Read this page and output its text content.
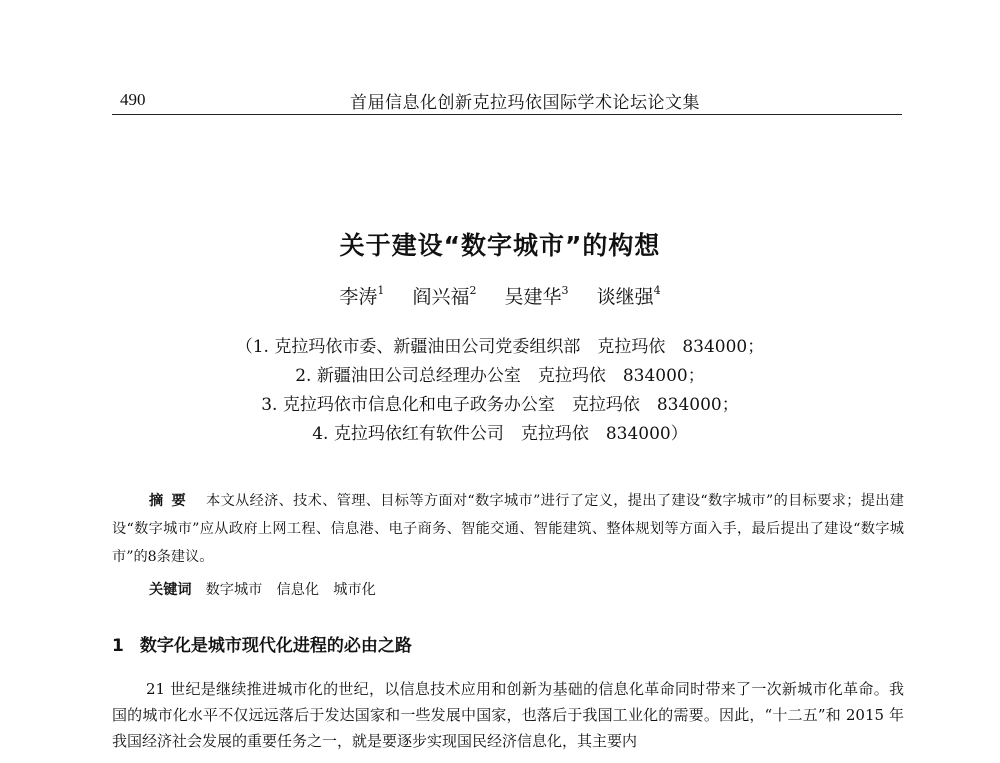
490	首届信息化创新克拉玛依国际学术论坛论文集
关于建设“数字城市”的构想
李涛$^1$ 阎兴福$^2$ 吴建华$^3$ 谈继强$^4$
（1. 克拉玛依市委、新疆油田公司党委组织部　克拉玛依　834000；
2. 新疆油田公司总经理办公室　克拉玛依　834000；
3. 克拉玛依市信息化和电子政务办公室　克拉玛依　834000；
4. 克拉玛依红有软件公司　克拉玛依　834000）
摘要 本文从经济、技术、管理、目标等方面对“数字城市”进行了定义，提出了建设“数字城市”的目标要求；提出建设“数字城市”应从政府上网工程、信息港、电子商务、智能交通、智能建筑、整体规划等方面入手，最后提出了建设“数字城市”的8条建议。
关键词 数字城市　信息化　城市化
1 数字化是城市现代化进程的必由之路
21 世纪是继续推进城市化的世纪，以信息技术应用和创新为基础的信息化革命同时带来了一次新城市化革命。我国的城市化水平不仅远远落后于发达国家和一些发展中国家，也落后于我国工业化的需要。因此，“十二五”和 2015 年我国经济社会发展的重要任务之一，就是要逐步实现国民经济信息化，其主要内
